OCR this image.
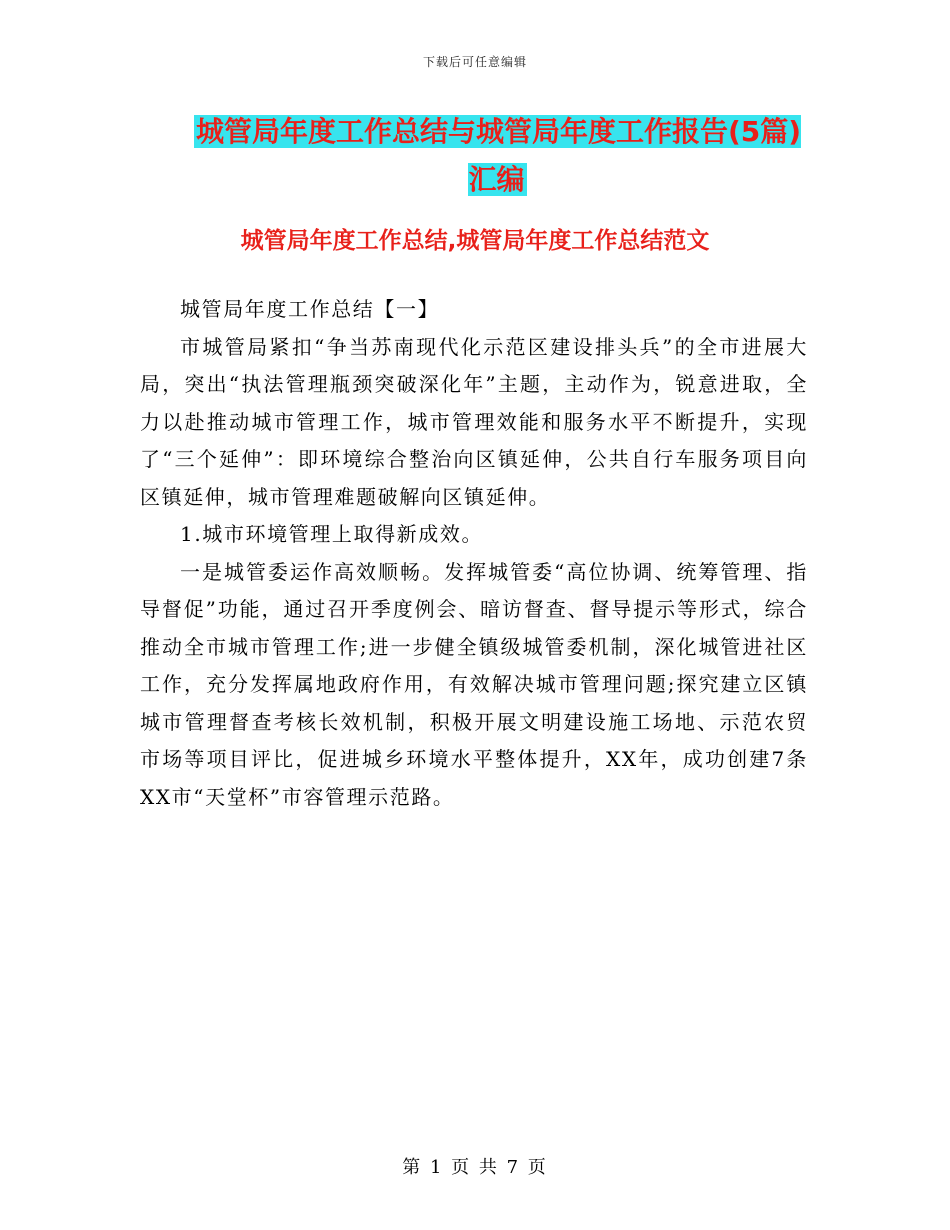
下载后可任意编辑
城管局年度工作总结与城管局年度工作报告(5篇)汇编
城管局年度工作总结,城管局年度工作总结范文

城管局年度工作总结【一】

市城管局紧扣“争当苏南现代化示范区建设排头兵”的全市进展大局，突出“执法管理瓶颈突破深化年”主题，主动作为，锐意进取，全力以赴推动城市管理工作，城市管理效能和服务水平不断提升，实现了“三个延伸”：即环境综合整治向区镇延伸，公共自行车服务项目向区镇延伸，城市管理难题破解向区镇延伸。

1.城市环境管理上取得新成效。

一是城管委运作高效顺畅。发挥城管委“高位协调、统筹管理、指导督促”功能，通过召开季度例会、暗访督查、督导提示等形式，综合推动全市城市管理工作;进一步健全镇级城管委机制，深化城管进社区工作，充分发挥属地政府作用，有效解决城市管理问题;探究建立区镇城市管理督查考核长效机制，积极开展文明建设施工场地、示范农贸市场等项目评比，促进城乡环境水平整体提升，XX年，成功创建7条XX市“天堂杯”市容管理示范路。

第 1 页 共 7 页
